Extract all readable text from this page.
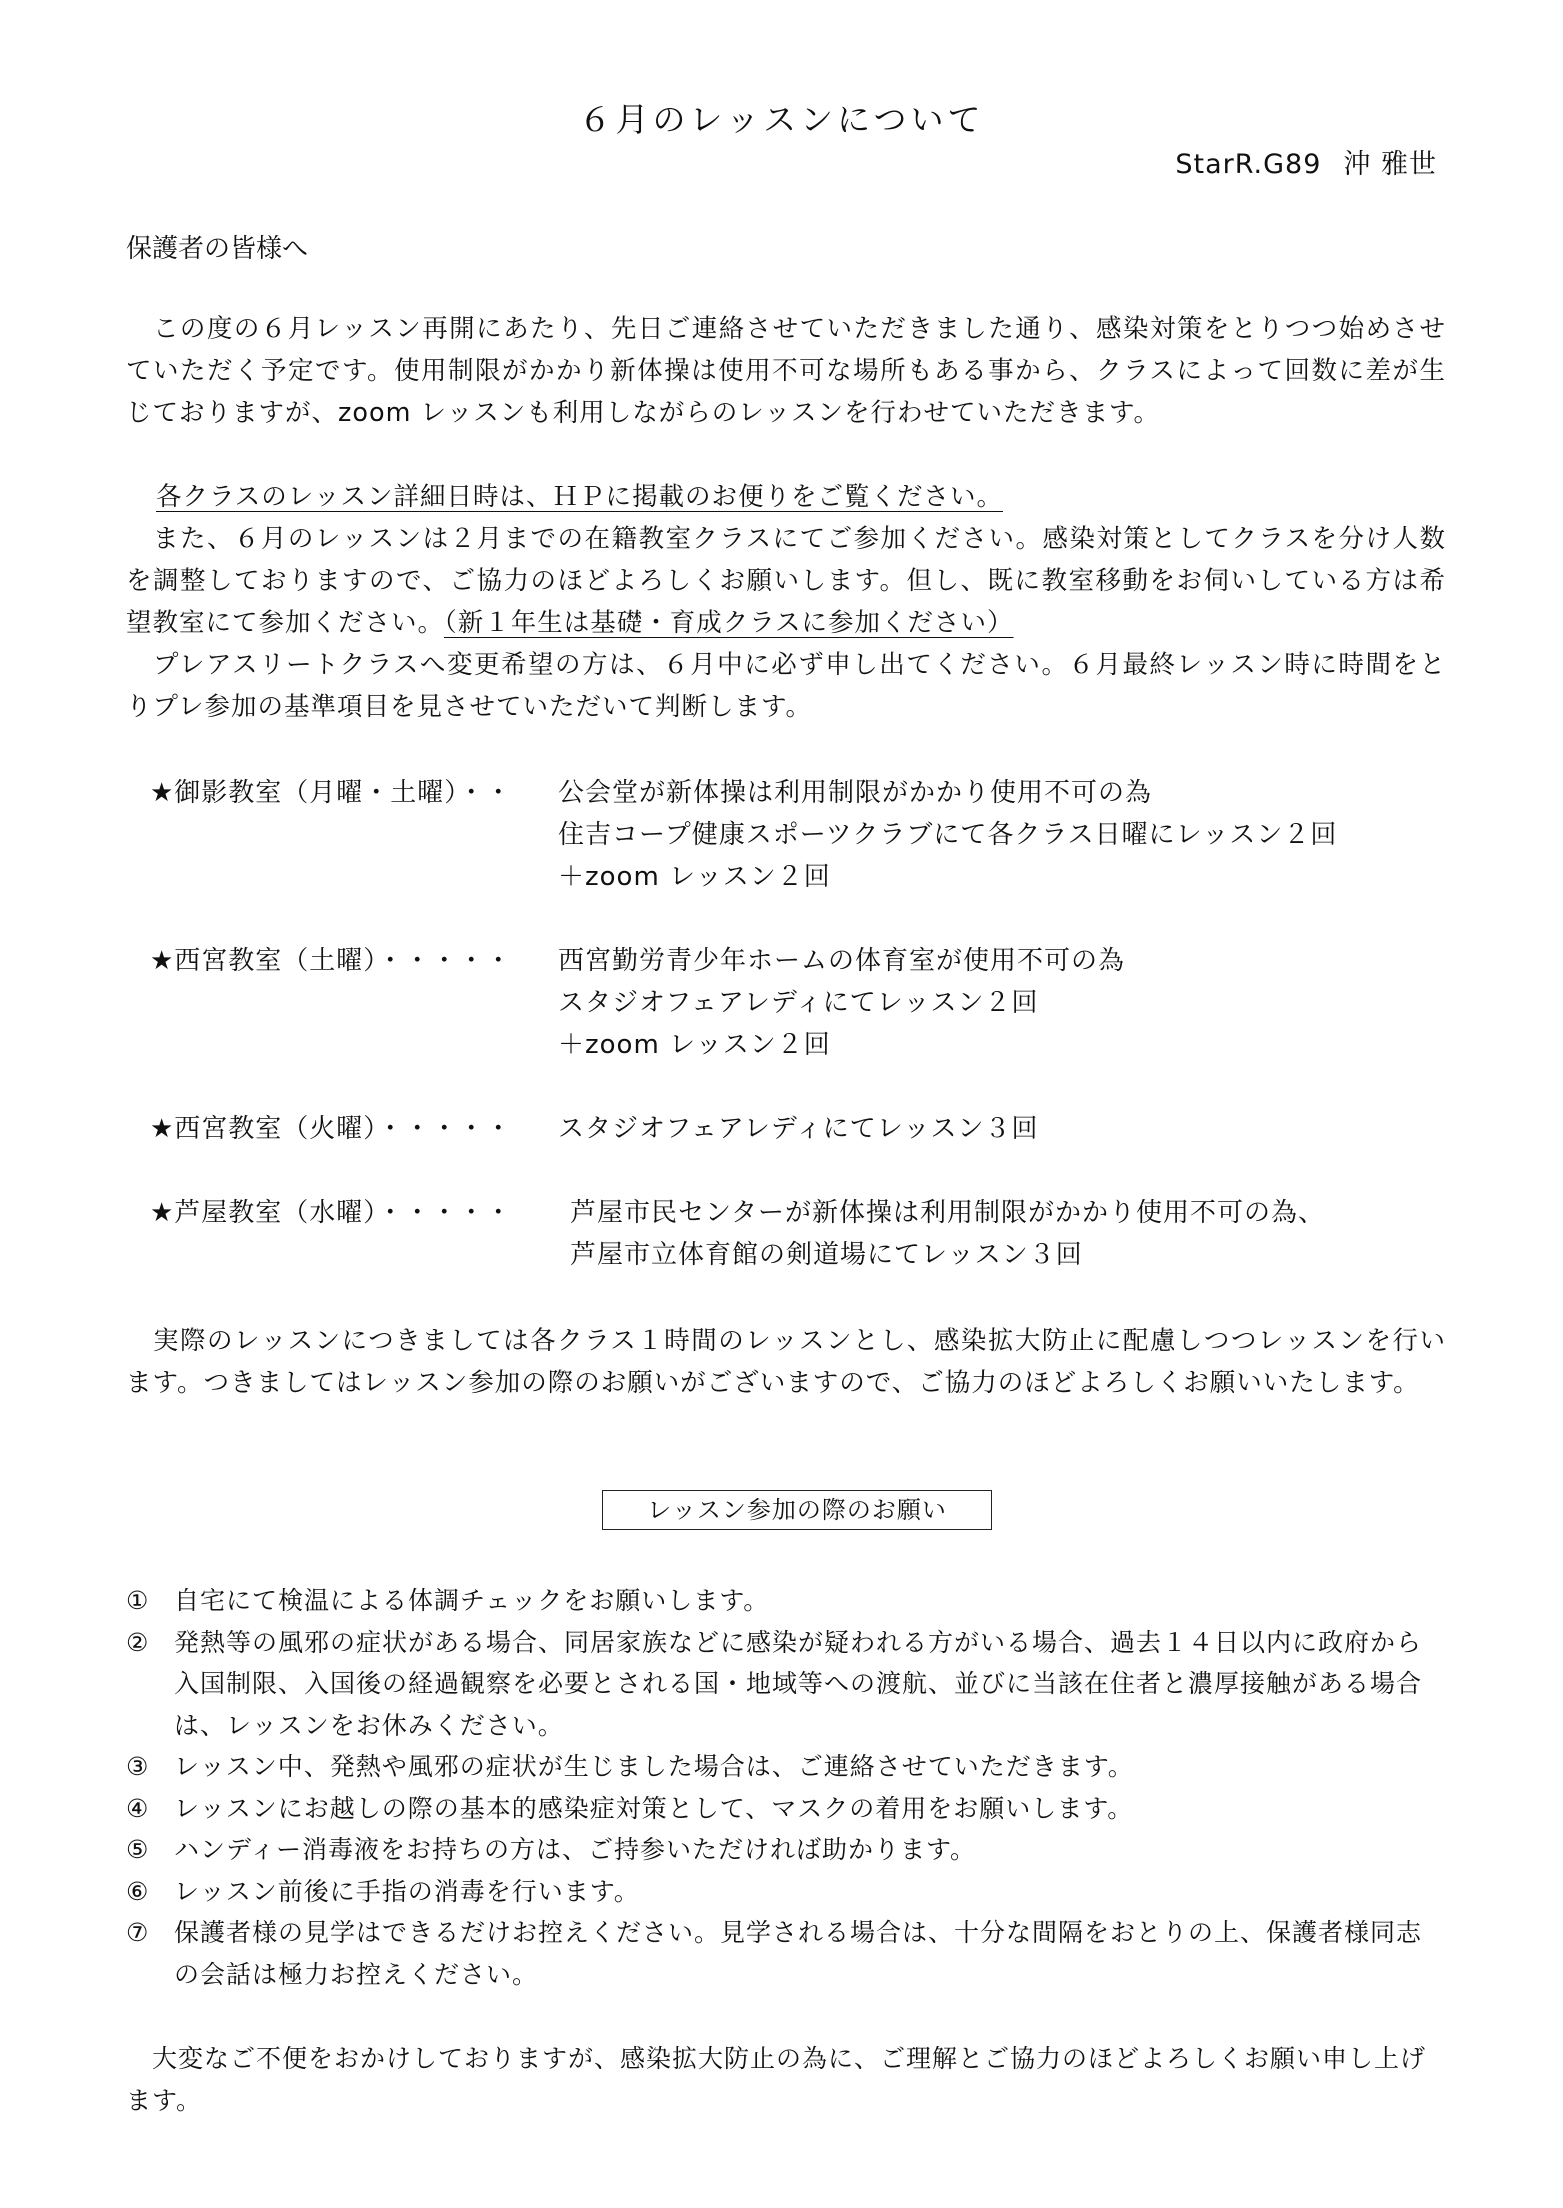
６月のレッスンについて
StarR.G89 沖 雅世
保護者の皆様へ

　この度の６月レッスン再開にあたり、先日ご連絡させていただきました通り、感染対策をとりつつ始めさせていただく予定です。使用制限がかかり新体操は使用不可な場所もある事から、クラスによって回数に差が生じておりますが、zoom レッスンも利用しながらのレッスンを行わせていただきます。

各クラスのレッスン詳細日時は、ＨＰに掲載のお便りをご覧ください。

　また、６月のレッスンは２月までの在籍教室クラスにてご参加ください。感染対策としてクラスを分け人数を調整しておりますので、ご協力のほどよろしくお願いします。但し、既に教室移動をお伺いしている方は希望教室にて参加ください。（新１年生は基礎・育成クラスに参加ください）

　プレアスリートクラスへ変更希望の方は、６月中に必ず申し出てください。６月最終レッスン時に時間をとりプレ参加の基準項目を見させていただいて判断します。

★御影教室（月曜・土曜）・・	公会堂が新体操は利用制限がかかり使用不可の為
住吉コープ健康スポーツクラブにて各クラス日曜にレッスン２回
＋zoom レッスン２回
★西宮教室（土曜）・・・・・	西宮勤労青少年ホームの体育室が使用不可の為
スタジオフェアレディにてレッスン２回
＋zoom レッスン２回
★西宮教室（火曜）・・・・・	スタジオフェアレディにてレッスン３回
★芦屋教室（水曜）・・・・・	芦屋市民センターが新体操は利用制限がかかり使用不可の為、
芦屋市立体育館の剣道場にてレッスン３回

　実際のレッスンにつきましては各クラス１時間のレッスンとし、感染拡大防止に配慮しつつレッスンを行います。つきましてはレッスン参加の際のお願いがございますので、ご協力のほどよろしくお願いいたします。

レッスン参加の際のお願い
① 自宅にて検温による体調チェックをお願いします。
② 発熱等の風邪の症状がある場合、同居家族などに感染が疑われる方がいる場合、過去１４日以内に政府から入国制限、入国後の経過観察を必要とされる国・地域等への渡航、並びに当該在住者と濃厚接触がある場合は、レッスンをお休みください。
③ レッスン中、発熱や風邪の症状が生じました場合は、ご連絡させていただきます。
④ レッスンにお越しの際の基本的感染症対策として、マスクの着用をお願いします。
⑤ ハンディー消毒液をお持ちの方は、ご持参いただければ助かります。
⑥ レッスン前後に手指の消毒を行います。
⑦ 保護者様の見学はできるだけお控えください。見学される場合は、十分な間隔をおとりの上、保護者様同志の会話は極力お控えください。

　大変なご不便をおかけしておりますが、感染拡大防止の為に、ご理解とご協力のほどよろしくお願い申し上げます。
